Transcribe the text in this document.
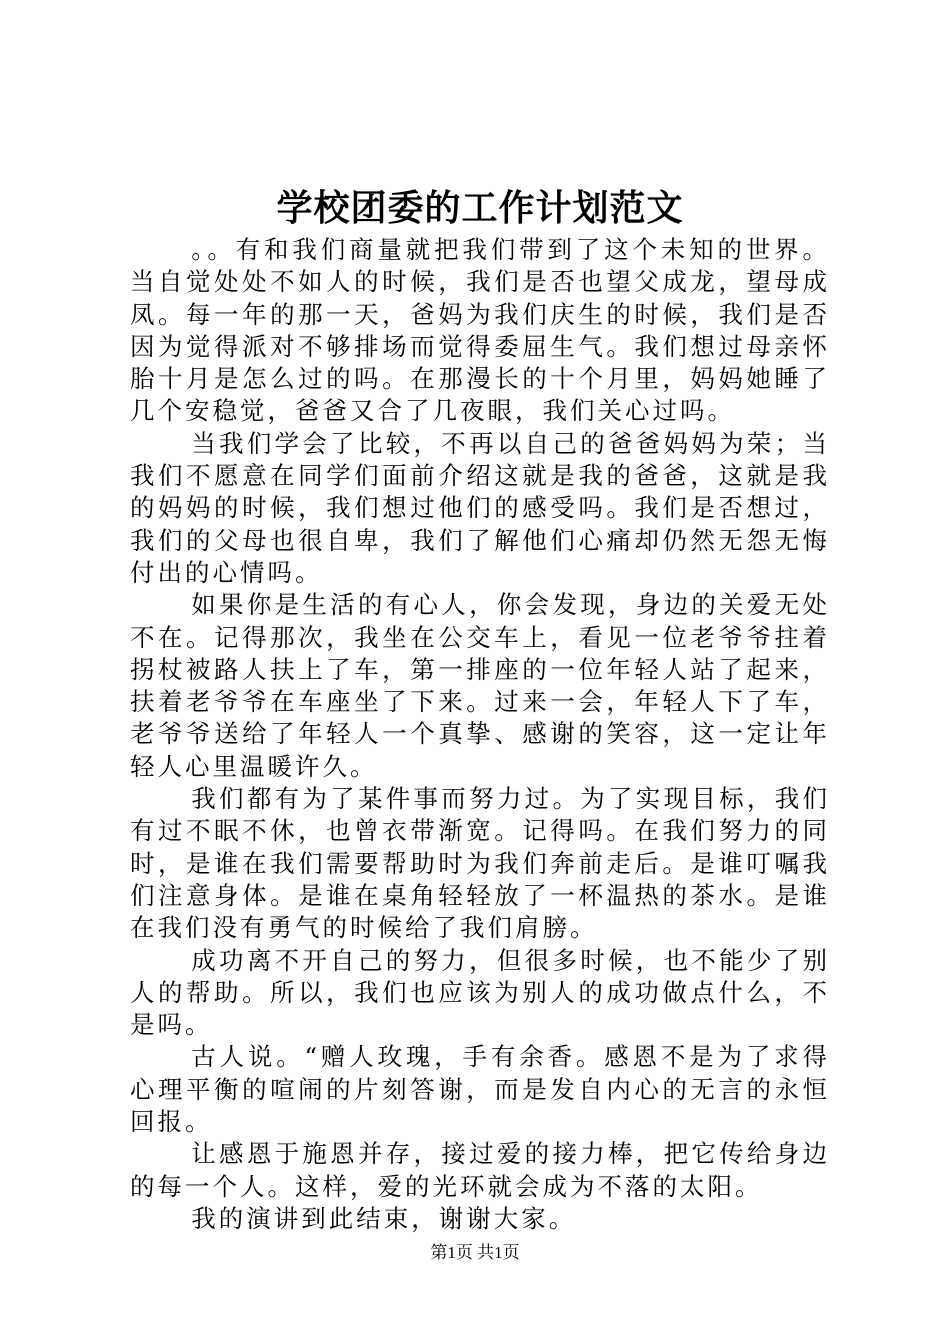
学校团委的工作计划范文

。。有和我们商量就把我们带到了这个未知的世界。当自觉处处不如人的时候，我们是否也望父成龙，望母成凤。每一年的那一天，爸妈为我们庆生的时候，我们是否因为觉得派对不够排场而觉得委屈生气。我们想过母亲怀胎十月是怎么过的吗。在那漫长的十个月里，妈妈她睡了几个安稳觉，爸爸又合了几夜眼，我们关心过吗。

当我们学会了比较，不再以自己的爸爸妈妈为荣；当我们不愿意在同学们面前介绍这就是我的爸爸，这就是我的妈妈的时候，我们想过他们的感受吗。我们是否想过，我们的父母也很自卑，我们了解他们心痛却仍然无怨无悔付出的心情吗。

如果你是生活的有心人，你会发现，身边的关爱无处不在。记得那次，我坐在公交车上，看见一位老爷爷拄着拐杖被路人扶上了车，第一排座的一位年轻人站了起来，扶着老爷爷在车座坐了下来。过来一会，年轻人下了车，老爷爷送给了年轻人一个真挚、感谢的笑容，这一定让年轻人心里温暖许久。

我们都有为了某件事而努力过。为了实现目标，我们有过不眠不休，也曾衣带渐宽。记得吗。在我们努力的同时，是谁在我们需要帮助时为我们奔前走后。是谁叮嘱我们注意身体。是谁在桌角轻轻放了一杯温热的茶水。是谁在我们没有勇气的时候给了我们肩膀。

成功离不开自己的努力，但很多时候，也不能少了别人的帮助。所以，我们也应该为别人的成功做点什么，不是吗。

古人说。“赠人玫瑰，手有余香。感恩不是为了求得心理平衡的喧闹的片刻答谢，而是发自内心的无言的永恒回报。

让感恩于施恩并存，接过爱的接力棒，把它传给身边的每一个人。这样，爱的光环就会成为不落的太阳。

我的演讲到此结束，谢谢大家。

第1页 共1页
